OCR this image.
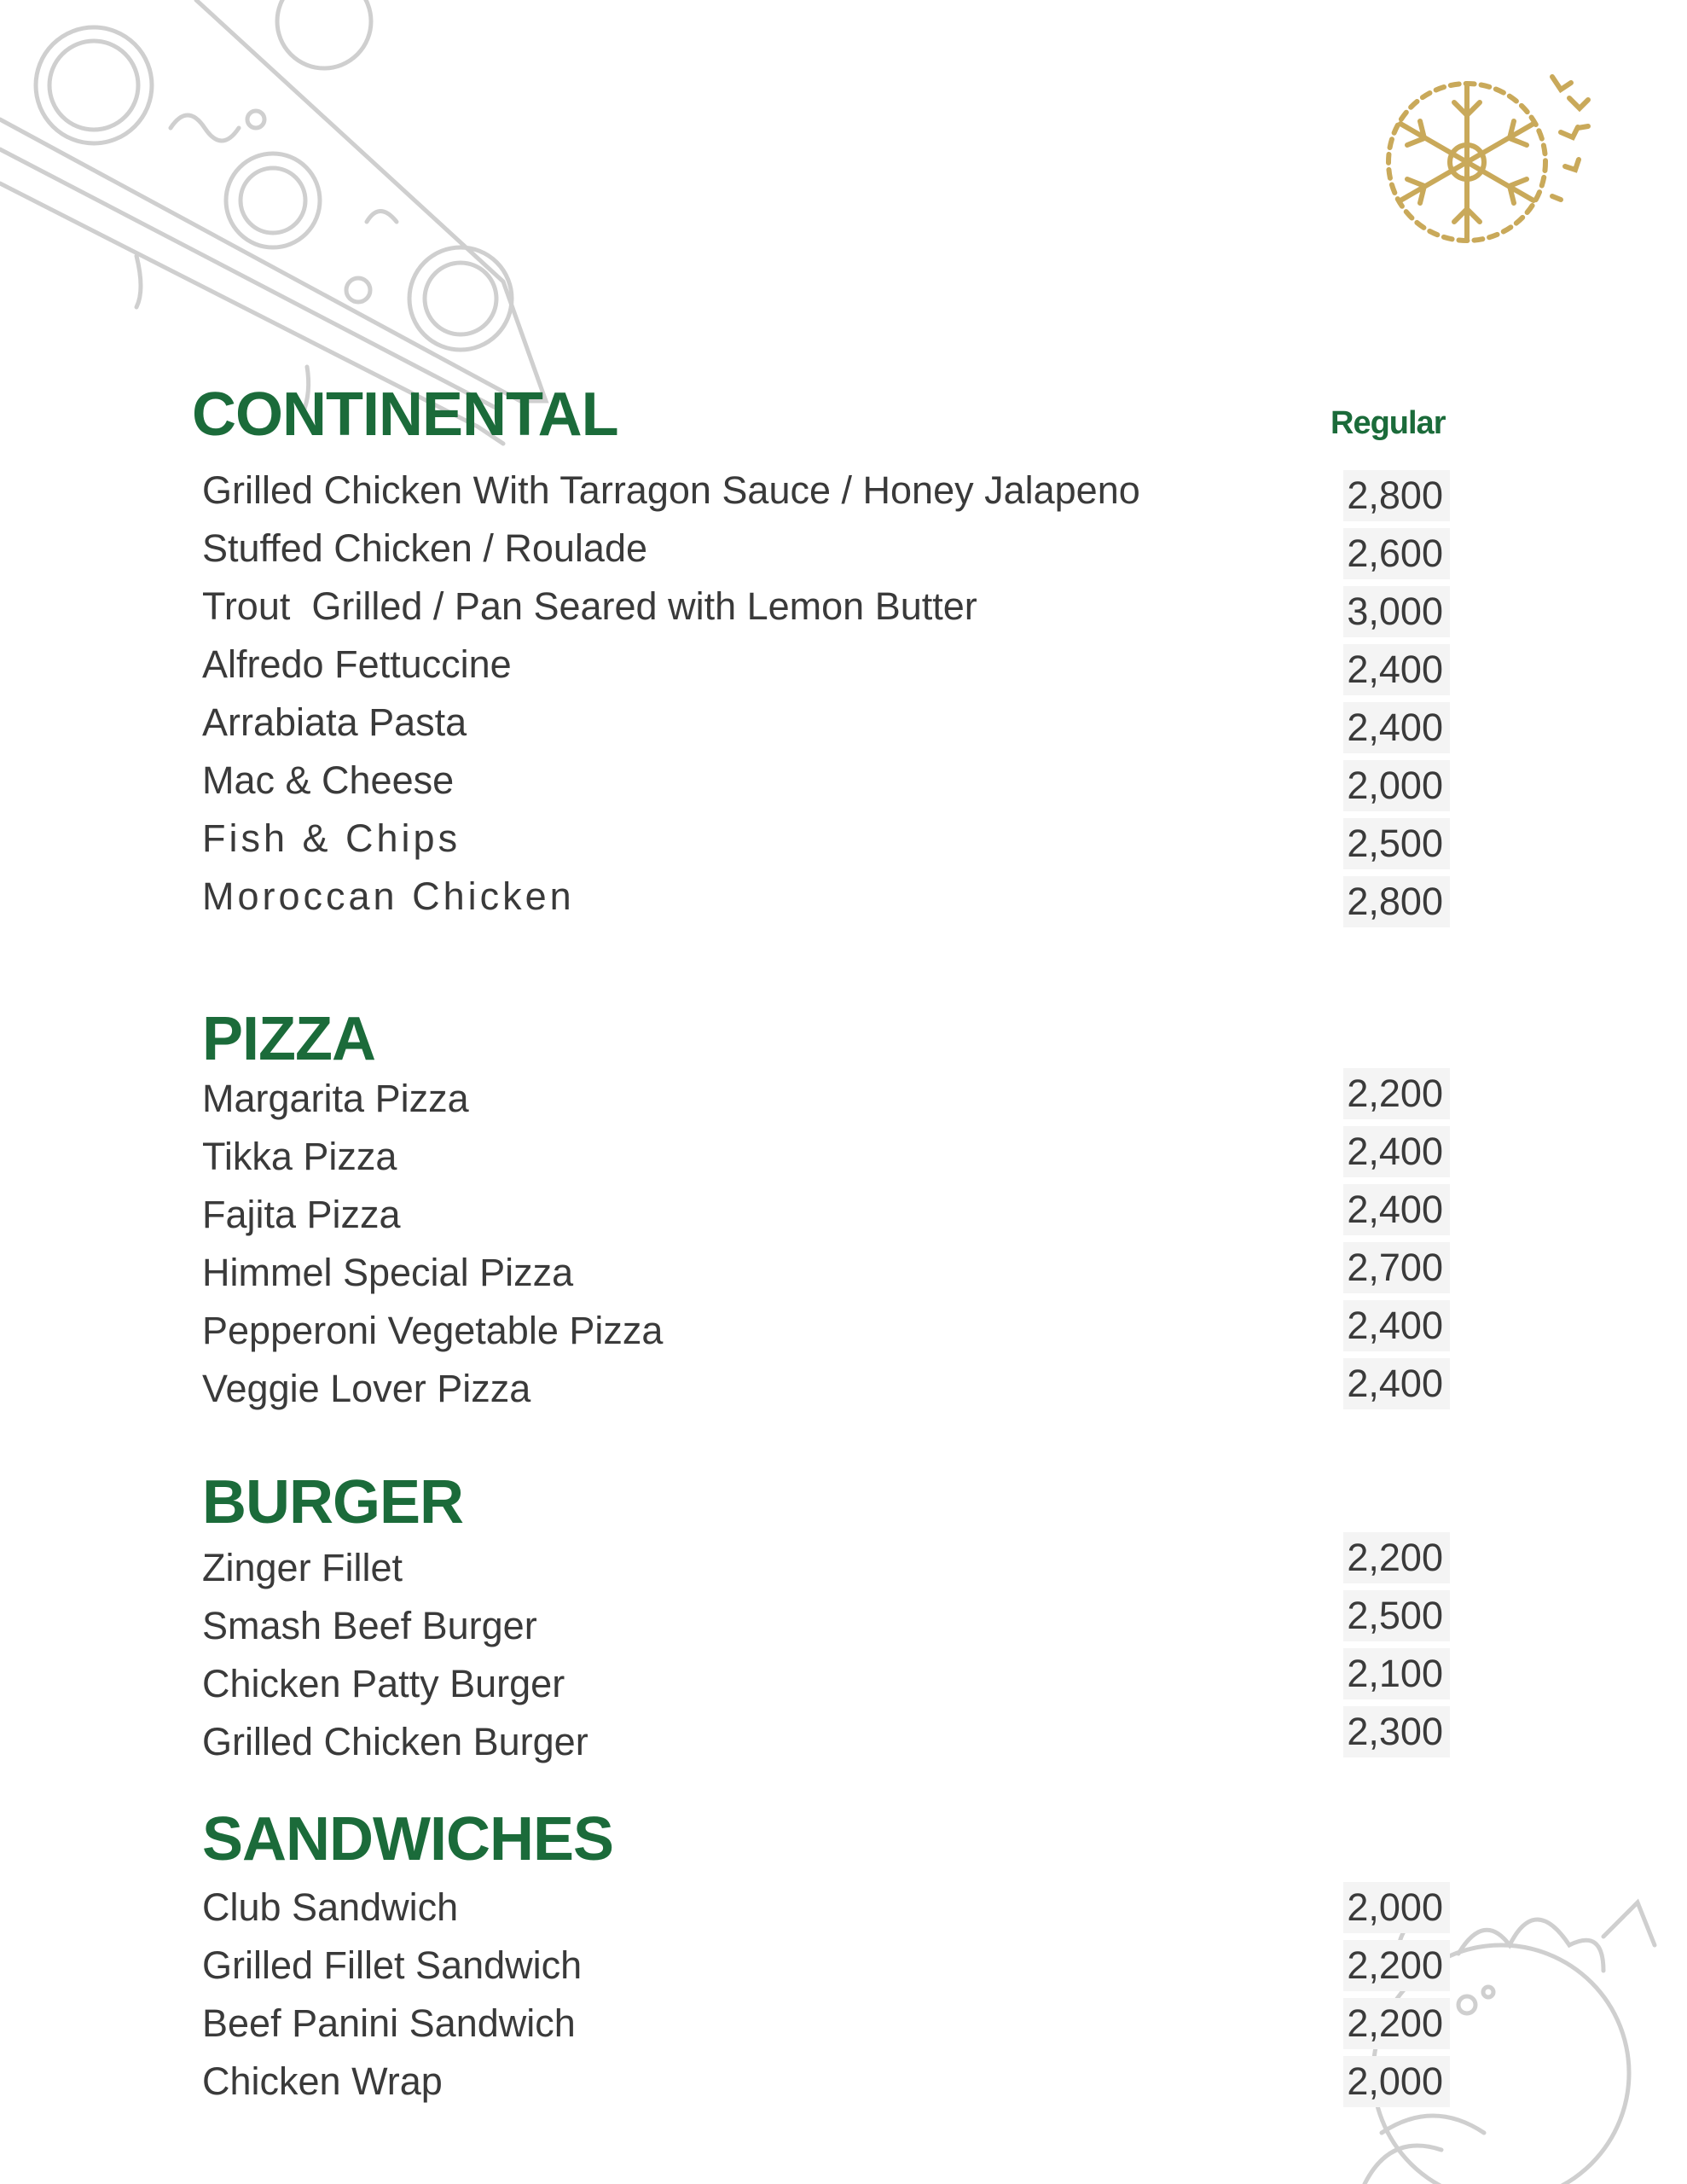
Regular
CONTINENTAL
Grilled Chicken With Tarragon Sauce / Honey Jalapeno	2,800
Stuffed Chicken / Roulade	2,600
Trout  Grilled / Pan Seared with Lemon Butter	3,000
Alfredo Fettuccine	2,400
Arrabiata Pasta	2,400
Mac & Cheese	2,000
Fish & Chips	2,500
Moroccan Chicken	2,800
PIZZA
Margarita Pizza	2,200
Tikka Pizza	2,400
Fajita Pizza	2,400
Himmel Special Pizza	2,700
Pepperoni Vegetable Pizza	2,400
Veggie Lover Pizza	2,400
BURGER
Zinger Fillet	2,200
Smash Beef Burger	2,500
Chicken Patty Burger	2,100
Grilled Chicken Burger	2,300
SANDWICHES
Club Sandwich	2,000
Grilled Fillet Sandwich	2,200
Beef Panini Sandwich	2,200
Chicken Wrap	2,000
